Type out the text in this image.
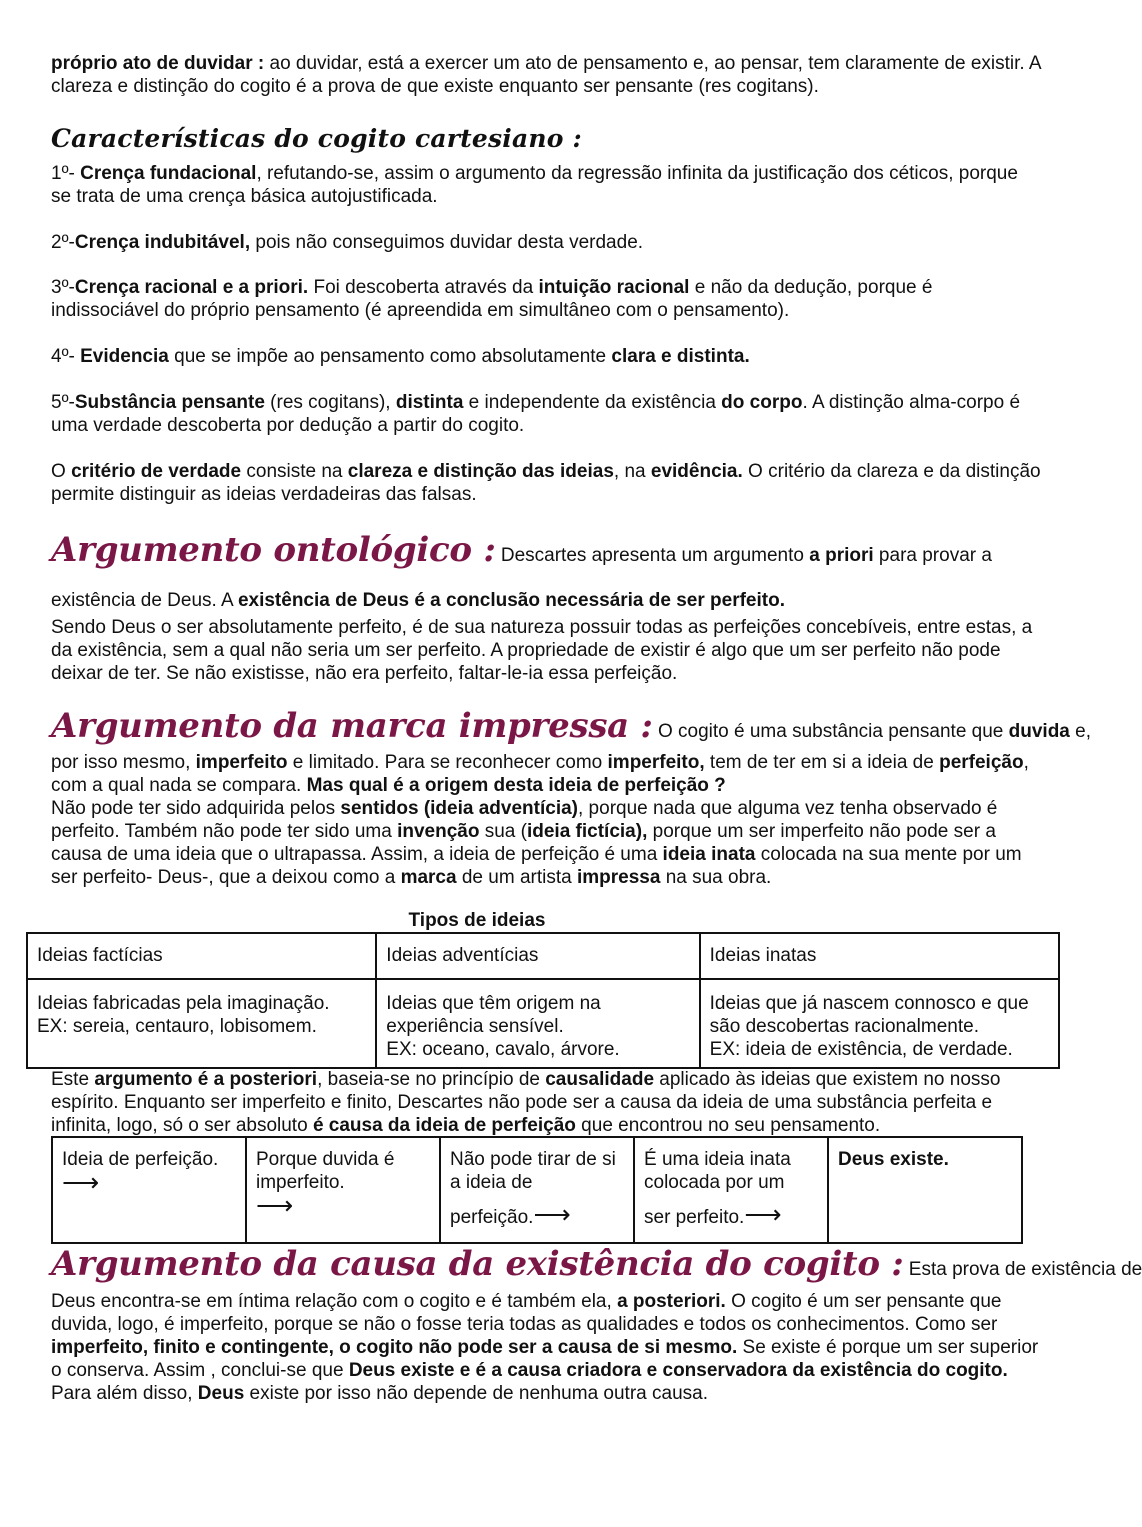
próprio ato de duvidar : ao duvidar, está a exercer um ato de pensamento e, ao pensar, tem claramente de existir. A clareza e distinção do cogito é a prova de que existe enquanto ser pensante (res cogitans).

Características do cogito cartesiano :

1º- Crença fundacional, refutando-se, assim o argumento da regressão infinita da justificação dos céticos, porque se trata de uma crença básica autojustificada.

2º-Crença indubitável, pois não conseguimos duvidar desta verdade.

3º-Crença racional e a priori. Foi descoberta através da intuição racional e não da dedução, porque é indissociável do próprio pensamento (é apreendida em simultâneo com o pensamento).

4º- Evidencia que se impõe ao pensamento como absolutamente clara e distinta.

5º-Substância pensante (res cogitans), distinta e independente da existência do corpo. A distinção alma-corpo é uma verdade descoberta por dedução a partir do cogito.

O critério de verdade consiste na clareza e distinção das ideias, na evidência. O critério da clareza e da distinção permite distinguir as ideias verdadeiras das falsas.

Argumento ontológico : Descartes apresenta um argumento a priori para provar a

existência de Deus. A existência de Deus é a conclusão necessária de ser perfeito.

Sendo Deus o ser absolutamente perfeito, é de sua natureza possuir todas as perfeições concebíveis, entre estas, a da existência, sem a qual não seria um ser perfeito. A propriedade de existir é algo que um ser perfeito não pode deixar de ter. Se não existisse, não era perfeito, faltar-le-ia essa perfeição.

Argumento da marca impressa : O cogito é uma substância pensante que duvida e,

por isso mesmo, imperfeito e limitado. Para se reconhecer como imperfeito, tem de ter em si a ideia de perfeição, com a qual nada se compara. Mas qual é a origem desta ideia de perfeição ?
Não pode ter sido adquirida pelos sentidos (ideia adventícia), porque nada que alguma vez tenha observado é perfeito. Também não pode ter sido uma invenção sua (ideia fictícia), porque um ser imperfeito não pode ser a causa de uma ideia que o ultrapassa. Assim, a ideia de perfeição é uma ideia inata colocada na sua mente por um ser perfeito- Deus-, que a deixou como a marca de um artista impressa na sua obra.

Tipos de ideias

Ideias factícias	Ideias adventícias	Ideias inatas
Ideias fabricadas pela imaginação.
EX: sereia, centauro, lobisomem.	Ideias que têm origem na
experiência sensível.
EX: oceano, cavalo, árvore.	Ideias que já nascem connosco e que
são descobertas racionalmente.
EX: ideia de existência, de verdade.

Este argumento é a posteriori, baseia-se no princípio de causalidade aplicado às ideias que existem no nosso espírito. Enquanto ser imperfeito e finito, Descartes não pode ser a causa da ideia de uma substância perfeita e infinita, logo, só o ser absoluto é causa da ideia de perfeição que encontrou no seu pensamento.

Ideia de perfeição.
⟶	Porque duvida é imperfeito.
⟶	Não pode tirar de si a ideia de
perfeição.⟶	É uma ideia inata colocada por um
ser perfeito.⟶	Deus existe.

Argumento da causa da existência do cogito : Esta prova de existência de

Deus encontra-se em íntima relação com o cogito e é também ela, a posteriori. O cogito é um ser pensante que duvida, logo, é imperfeito, porque se não o fosse teria todas as qualidades e todos os conhecimentos. Como ser imperfeito, finito e contingente, o cogito não pode ser a causa de si mesmo. Se existe é porque um ser superior o conserva. Assim , conclui-se que Deus existe e é a causa criadora e conservadora da existência do cogito. Para além disso, Deus existe por isso não depende de nenhuma outra causa.
